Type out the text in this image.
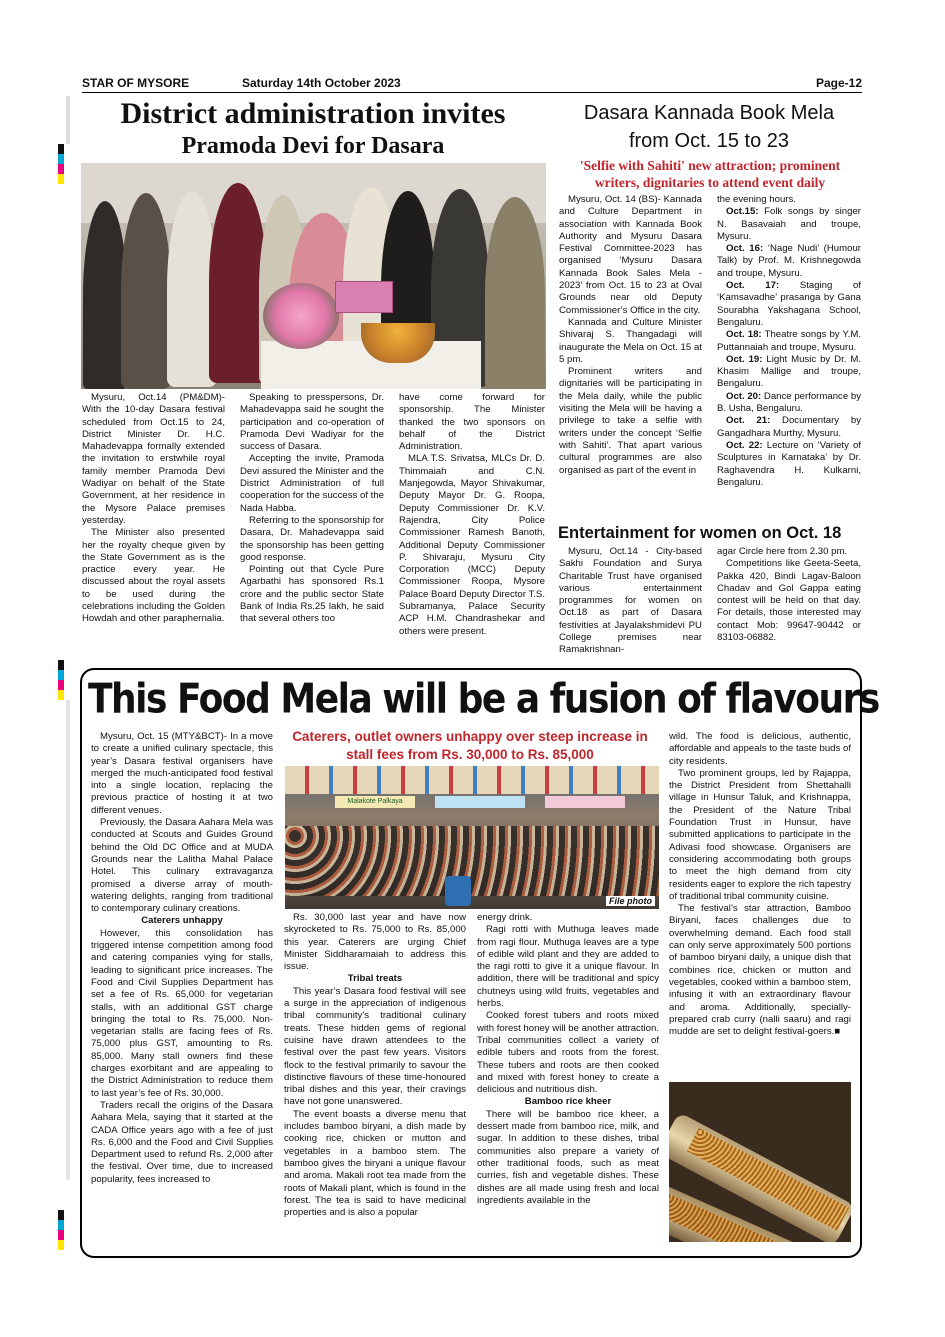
STAR OF MYSORE	Saturday 14th October 2023	Page-12
District administration invites
Pramoda Devi for Dasara

Mysuru, Oct.14 (PM&DM)- With the 10-day Dasara festival scheduled from Oct.15 to 24, District Minister Dr. H.C. Mahadevappa formally extended the invitation to erstwhile royal family member Pramoda Devi Wadiyar on behalf of the State Government, at her residence in the Mysore Palace premises yesterday.

The Minister also presented her the royalty cheque given by the State Government as is the practice every year. He discussed about the royal assets to be used during the celebrations including the Golden Howdah and other paraphernalia.

Speaking to presspersons, Dr. Mahadevappa said he sought the participation and co-operation of Pramoda Devi Wadiyar for the success of Dasara.

Accepting the invite, Pramoda Devi assured the Minister and the District Administration of full cooperation for the success of the Nada Habba.

Referring to the sponsorship for Dasara, Dr. Mahadevappa said the sponsorship has been getting good response.

Pointing out that Cycle Pure Agarbathi has sponsored Rs.1 crore and the public sector State Bank of India Rs.25 lakh, he said that several others too

have come forward for sponsorship. The Minister thanked the two sponsors on behalf of the District Administration.

MLA T.S. Srivatsa, MLCs Dr. D. Thimmaiah and C.N. Manjegowda, Mayor Shivakumar, Deputy Mayor Dr. G. Roopa, Deputy Commissioner Dr. K.V. Rajendra, City Police Commissioner Ramesh Banoth, Additional Deputy Commissioner P. Shivaraju, Mysuru City Corporation (MCC) Deputy Commissioner Roopa, Mysore Palace Board Deputy Director T.S. Subramanya, Palace Security ACP H.M. Chandrashekar and others were present.

Dasara Kannada Book Mela
from Oct. 15 to 23
'Selfie with Sahiti' new attraction; prominent writers, dignitaries to attend event daily

Mysuru, Oct. 14 (BS)- Kannada and Culture Department in association with Kannada Book Authority and Mysuru Dasara Festival Committee-2023 has organised ‘Mysuru Dasara Kannada Book Sales Mela - 2023’ from Oct. 15 to 23 at Oval Grounds near old Deputy Commissioner’s Office in the city.

Kannada and Culture Minister Shivaraj S. Thangadagi will inaugurate the Mela on Oct. 15 at 5 pm.

Prominent writers and dignitaries will be participating in the Mela daily, while the public visiting the Mela will be having a privilege to take a selfie with writers under the concept ‘Selfie with Sahiti’. That apart various cultural programmes are also organised as part of the event in

the evening hours.

Oct.15: Folk songs by singer N. Basavaiah and troupe, Mysuru.

Oct. 16: ‘Nage Nudi’ (Humour Talk) by Prof. M. Krishnegowda and troupe, Mysuru.

Oct. 17: Staging of ‘Kamsavadhe’ prasanga by Gana Sourabha Yakshagana School, Bengaluru.

Oct. 18: Theatre songs by Y.M. Puttannaiah and troupe, Mysuru.

Oct. 19: Light Music by Dr. M. Khasim Mallige and troupe, Bengaluru.

Oct. 20: Dance performance by B. Usha, Bengaluru.

Oct. 21: Documentary by Gangadhara Murthy, Mysuru.

Oct. 22: Lecture on ‘Variety of Sculptures in Karnataka’ by Dr. Raghavendra H. Kulkarni, Bengaluru.

Entertainment for women on Oct. 18

Mysuru, Oct.14 - City-based Sakhi Foundation and Surya Charitable Trust have organised various entertainment programmes for women on Oct.18 as part of Dasara festivities at Jayalakshmidevi PU College premises near Ramakrishnan-

agar Circle here from 2.30 pm.

Competitions like Geeta-Seeta, Pakka 420, Bindi Lagav-Baloon Chadav and Gol Gappa eating contest will be held on that day. For details, those interested may contact Mob: 99647-90442 or 83103-06882.

This Food Mela will be a fusion of flavours

Mysuru, Oct. 15 (MTY&BCT)- In a move to create a unified culinary spectacle, this year’s Dasara festival organisers have merged the much-anticipated food festival into a single location, replacing the previous practice of hosting it at two different venues.

Previously, the Dasara Aahara Mela was conducted at Scouts and Guides Ground behind the Old DC Office and at MUDA Grounds near the Lalitha Mahal Palace Hotel. This culinary extravaganza promised a diverse array of mouth-watering delights, ranging from traditional to contemporary culinary creations.

Caterers unhappy

However, this consolidation has triggered intense competition among food and catering companies vying for stalls, leading to significant price increases. The Food and Civil Supplies Department has set a fee of Rs. 65,000 for vegetarian stalls, with an additional GST charge bringing the total to Rs. 75,000. Non-vegetarian stalls are facing fees of Rs. 75,000 plus GST, amounting to Rs. 85,000. Many stall owners find these charges exorbitant and are appealing to the District Administration to reduce them to last year’s fee of Rs. 30,000.

Traders recall the origins of the Dasara Aahara Mela, saying that it started at the CADA Office years ago with a fee of just Rs. 6,000 and the Food and Civil Supplies Department used to refund Rs. 2,000 after the festival. Over time, due to increased popularity, fees increased to

Caterers, outlet owners unhappy over steep increase in stall fees from Rs. 30,000 to Rs. 85,000
Malakote Palkaya
File photo

Rs. 30,000 last year and have now skyrocketed to Rs. 75,000 to Rs. 85,000 this year. Caterers are urging Chief Minister Siddharamaiah to address this issue.

Tribal treats

This year’s Dasara food festival will see a surge in the appreciation of indigenous tribal community’s traditional culinary treats. These hidden gems of regional cuisine have drawn attendees to the festival over the past few years. Visitors flock to the festival primarily to savour the distinctive flavours of these time-honoured tribal dishes and this year, their cravings have not gone unanswered.

The event boasts a diverse menu that includes bamboo biryani, a dish made by cooking rice, chicken or mutton and vegetables in a bamboo stem. The bamboo gives the biryani a unique flavour and aroma. Makali root tea made from the roots of Makali plant, which is found in the forest. The tea is said to have medicinal properties and is also a popular

energy drink.

Ragi rotti with Muthuga leaves made from ragi flour. Muthuga leaves are a type of edible wild plant and they are added to the ragi rotti to give it a unique flavour. In addition, there will be traditional and spicy chutneys using wild fruits, vegetables and herbs.

Cooked forest tubers and roots mixed with forest honey will be another attraction. Tribal communities collect a variety of edible tubers and roots from the forest. These tubers and roots are then cooked and mixed with forest honey to create a delicious and nutritious dish.

Bamboo rice kheer

There will be bamboo rice kheer, a dessert made from bamboo rice, milk, and sugar. In addition to these dishes, tribal communities also prepare a variety of other traditional foods, such as meat curries, fish and vegetable dishes. These dishes are all made using fresh and local ingredients available in the

wild. The food is delicious, authentic, affordable and appeals to the taste buds of city residents.

Two prominent groups, led by Rajappa, the District President from Shettahalli village in Hunsur Taluk, and Krishnappa, the President of the Nature Tribal Foundation Trust in Hunsur, have submitted applications to participate in the Adivasi food showcase. Organisers are considering accommodating both groups to meet the high demand from city residents eager to explore the rich tapestry of traditional tribal community cuisine.

The festival’s star attraction, Bamboo Biryani, faces challenges due to overwhelming demand. Each food stall can only serve approximately 500 portions of bamboo biryani daily, a unique dish that combines rice, chicken or mutton and vegetables, cooked within a bamboo stem, infusing it with an extraordinary flavour and aroma. Additionally, specially-prepared crab curry (nalli saaru) and ragi mudde are set to delight festival-goers.■
